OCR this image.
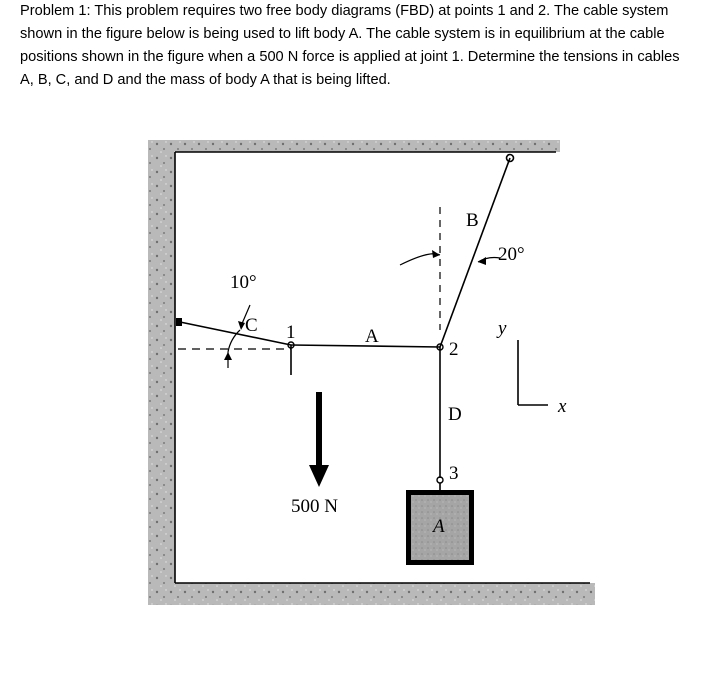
Problem 1: This problem requires two free body diagrams (FBD) at points 1 and 2. The cable system
shown in the figure below is being used to lift body A. The cable system is in equilibrium at the cable
positions shown in the figure when a 500 N force is applied at joint 1. Determine the tensions in cables
A, B, C, and D and the mass of body A that is being lifted.
B
20°
10°
C 1	A
2
D
3
500 N
A
y
x
